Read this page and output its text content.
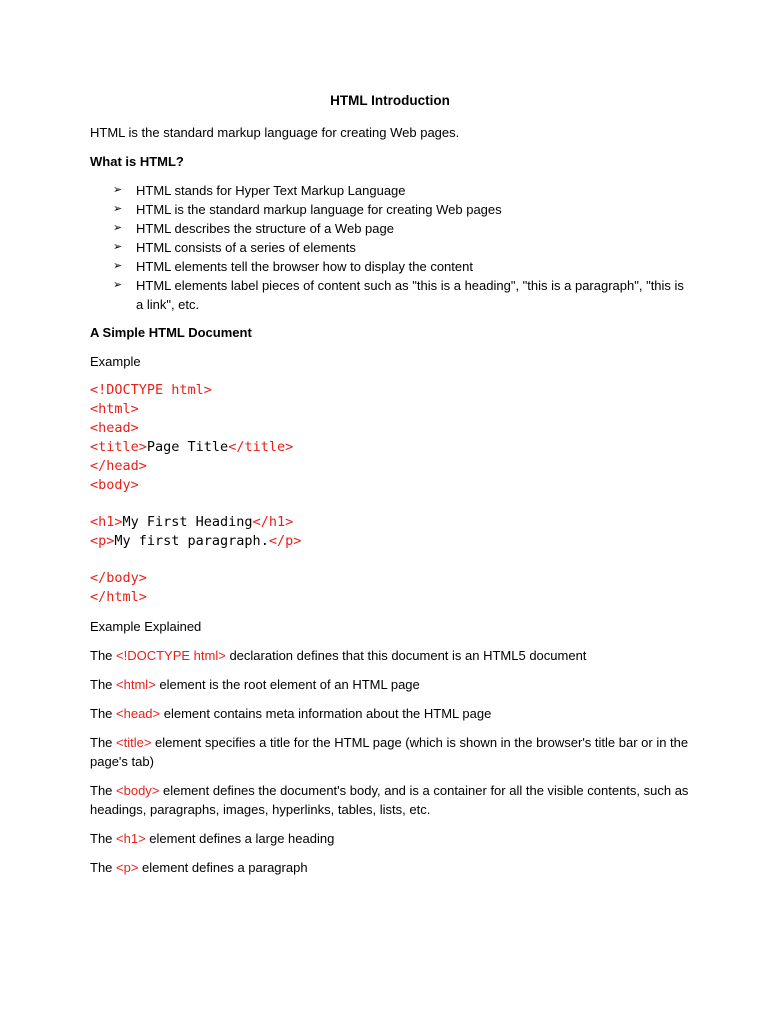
HTML Introduction

HTML is the standard markup language for creating Web pages.

What is HTML?

➢ HTML stands for Hyper Text Markup Language
➢ HTML is the standard markup language for creating Web pages
➢ HTML describes the structure of a Web page
➢ HTML consists of a series of elements
➢ HTML elements tell the browser how to display the content
➢ HTML elements label pieces of content such as "this is a heading", "this is a paragraph", "this is a link", etc.

A Simple HTML Document

Example

<!DOCTYPE html>
<html>
<head>
<title>Page Title</title>
</head>
<body>
<h1>My First Heading</h1>
<p>My first paragraph.</p>
</body>
</html>

Example Explained

The <!DOCTYPE html> declaration defines that this document is an HTML5 document

The <html> element is the root element of an HTML page

The <head> element contains meta information about the HTML page

The <title> element specifies a title for the HTML page (which is shown in the browser's title bar or in the page's tab)

The <body> element defines the document's body, and is a container for all the visible contents, such as headings, paragraphs, images, hyperlinks, tables, lists, etc.

The <h1> element defines a large heading

The <p> element defines a paragraph
